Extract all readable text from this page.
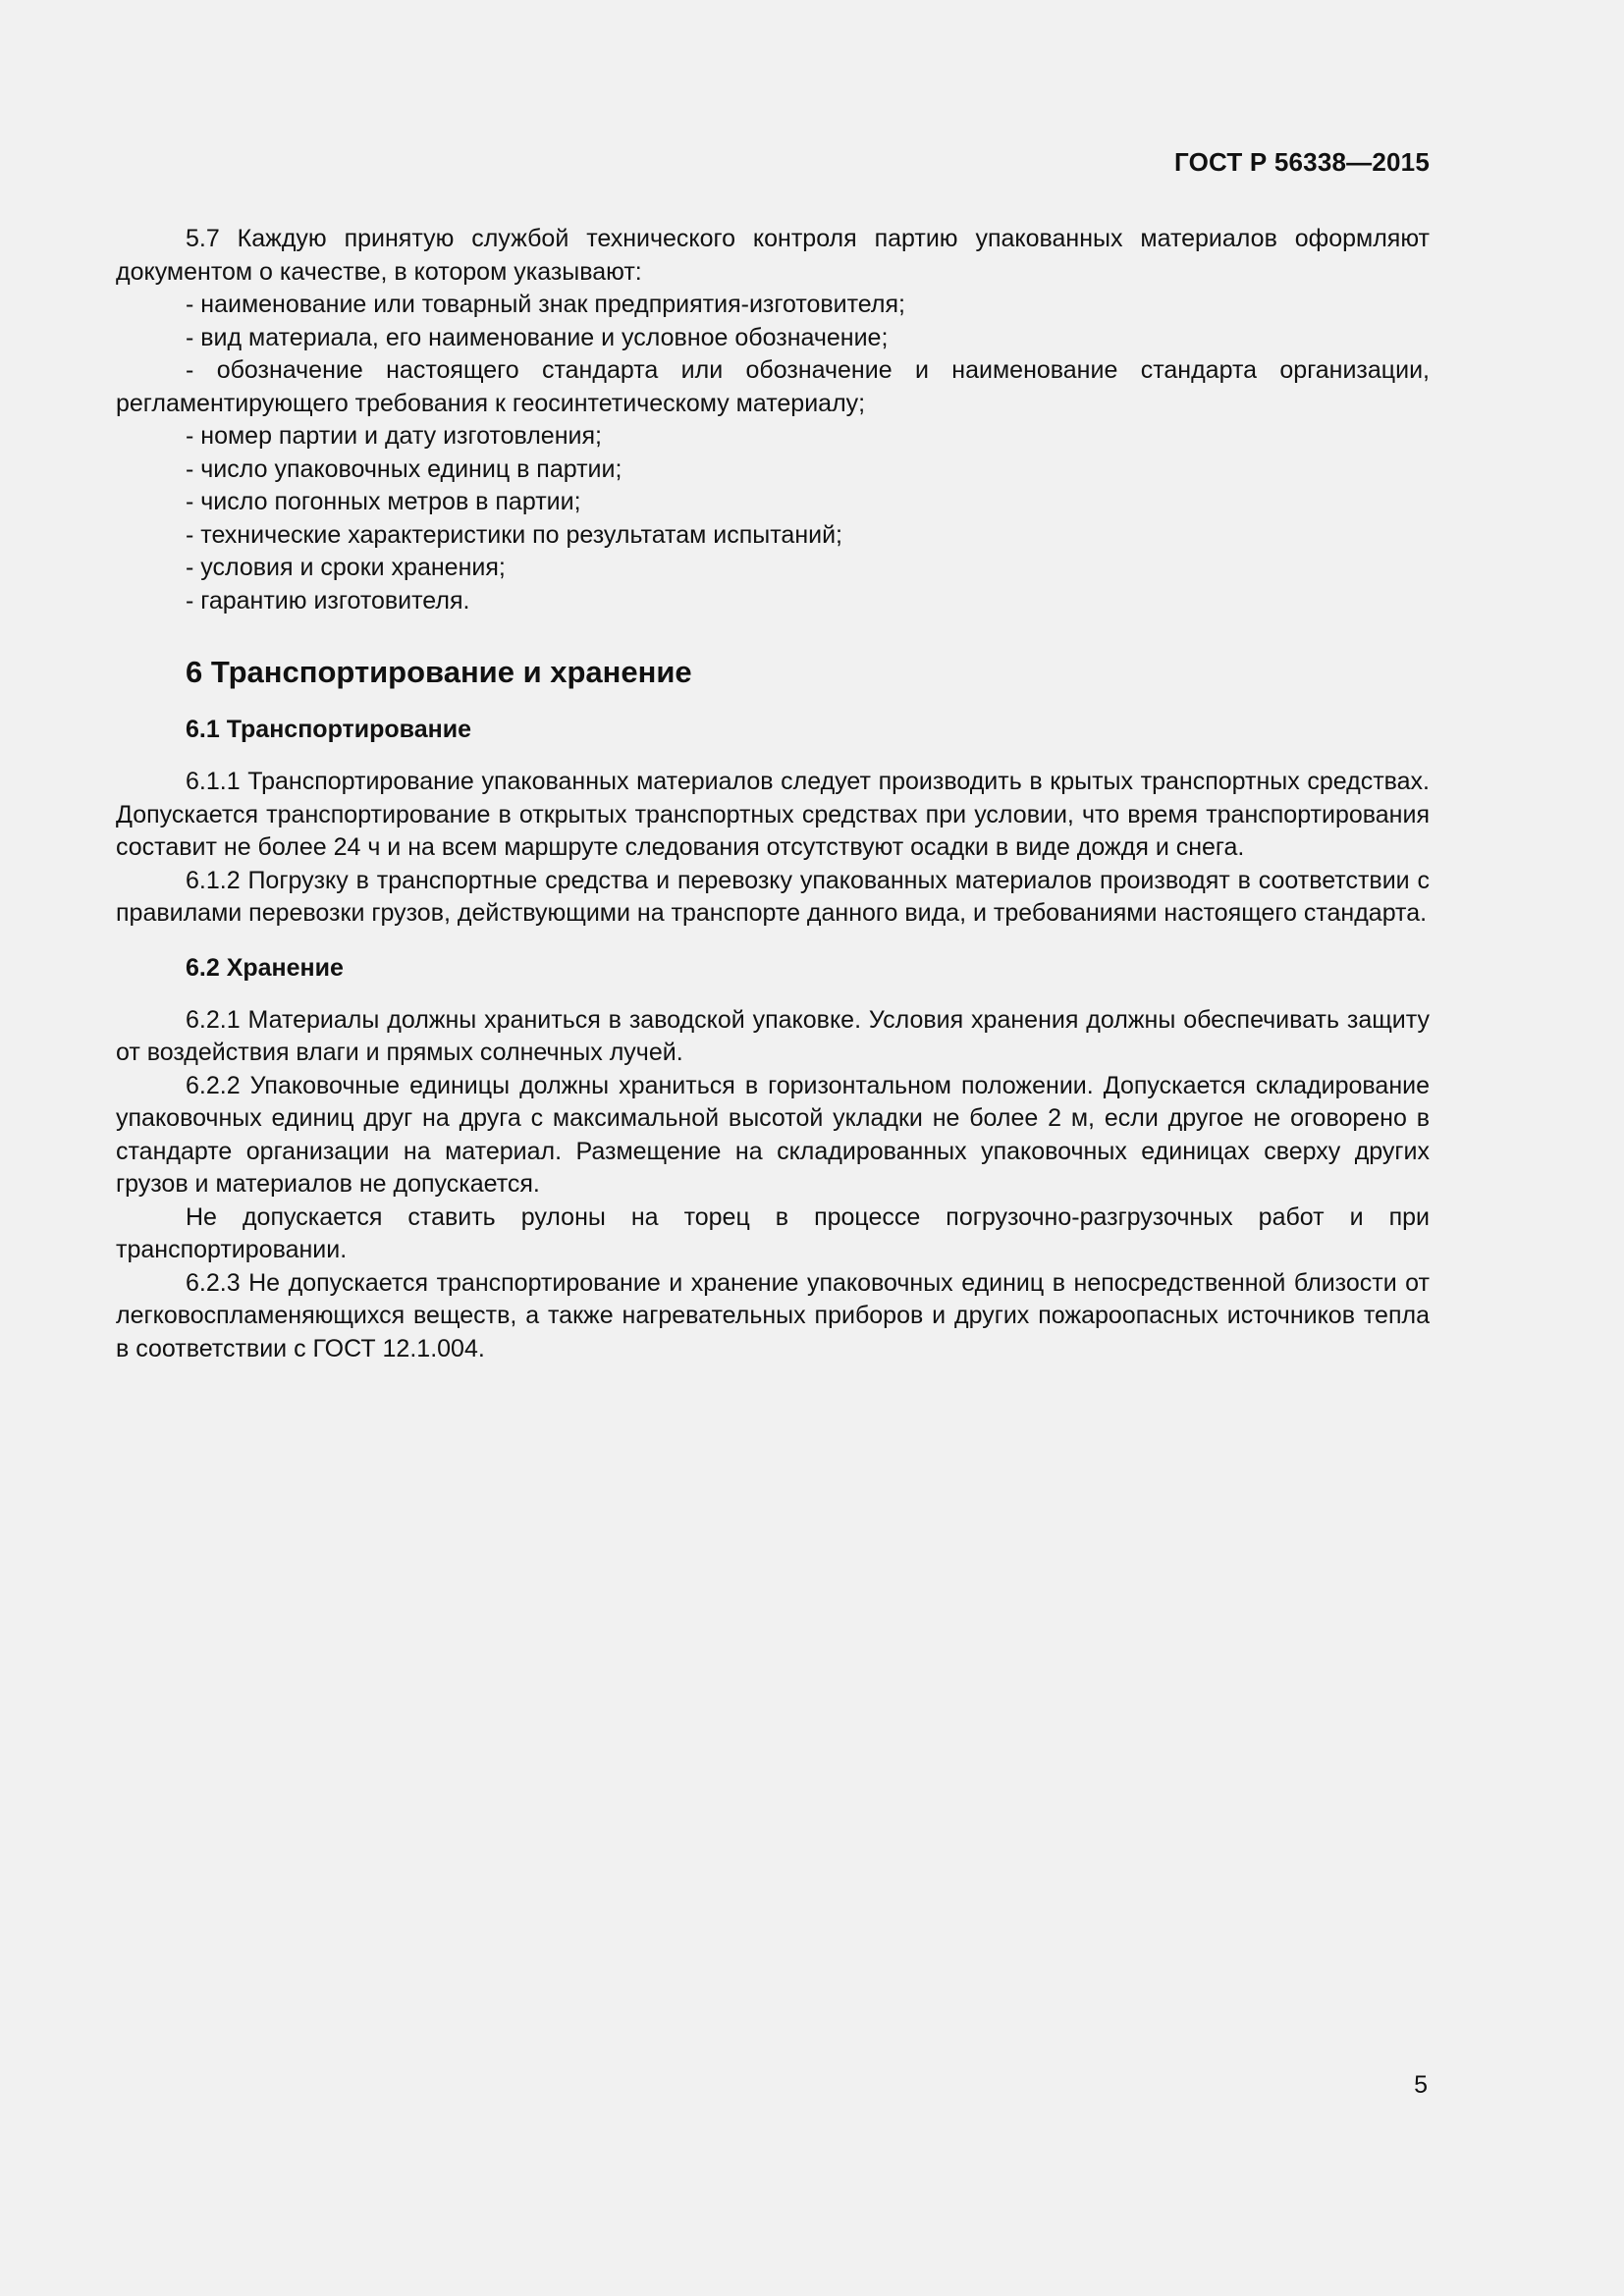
ГОСТ Р 56338—2015

5.7 Каждую принятую службой технического контроля партию упакованных материалов оформляют документом о качестве, в котором указывают:

- наименование или товарный знак предприятия-изготовителя;

- вид материала, его наименование и условное обозначение;

- обозначение настоящего стандарта или обозначение и наименование стандарта организации, регламентирующего требования к геосинтетическому материалу;

- номер партии и дату изготовления;

- число упаковочных единиц в партии;

- число погонных метров в партии;

- технические характеристики по результатам испытаний;

- условия и сроки хранения;

- гарантию изготовителя.

6 Транспортирование и хранение
6.1 Транспортирование

6.1.1 Транспортирование упакованных материалов следует производить в крытых транспортных средствах. Допускается транспортирование в открытых транспортных средствах при условии, что время транспортирования составит не более 24 ч и на всем маршруте следования отсутствуют осадки в виде дождя и снега.

6.1.2 Погрузку в транспортные средства и перевозку упакованных материалов производят в соответствии с правилами перевозки грузов, действующими на транспорте данного вида, и требованиями настоящего стандарта.

6.2 Хранение

6.2.1 Материалы должны храниться в заводской упаковке. Условия хранения должны обеспечивать защиту от воздействия влаги и прямых солнечных лучей.

6.2.2 Упаковочные единицы должны храниться в горизонтальном положении. Допускается складирование упаковочных единиц друг на друга с максимальной высотой укладки не более 2 м, если другое не оговорено в стандарте организации на материал. Размещение на складированных упаковочных единицах сверху других грузов и материалов не допускается.

Не допускается ставить рулоны на торец в процессе погрузочно-разгрузочных работ и при транспортировании.

6.2.3 Не допускается транспортирование и хранение упаковочных единиц в непосредственной близости от легковоспламеняющихся веществ, а также нагревательных приборов и других пожароопасных источников тепла в соответствии с ГОСТ 12.1.004.

5
